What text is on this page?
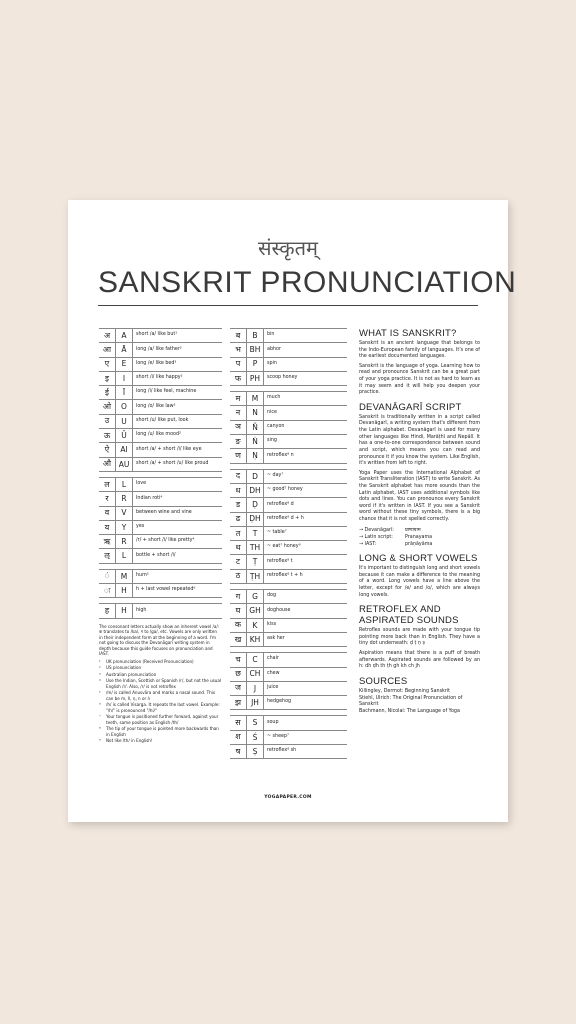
संस्कृतम्
SANSKRIT PRONUNCIATION
अ	A	short /a/ like but¹
आ	Ā	long /a/ like father²
ए	E	long /e/ like bed³
इ	I	short /i/ like happy²
ई	Ī	long /i/ like feel, machine
ओ	O	long /o/ like law³
उ	U	short /u/ like put, look
ऊ	Ū	long /u/ like mood²
ऐ	AI	short /a/ + short /i/ like eye
औ	AU	short /a/ + short /u/ like proud
ल	L	love
र	R	Indian roti⁴
व	V	between wine and vine
य	Y	yes
ऋ	R	/r/ + short /i/ like pretty⁴
ऌ	L	bottle + short /i/
ं	M	hum⁵
ः	H	h + last vowel repeated⁶
ह	H	high

The consonant letters actually show an inherent vowel /a/: क translates to /ka/, ग to /ga/, etc. Vowels are only written in their independent form at the beginning of a word. I'm not going to discuss the Devanāgarī writing system in depth because this guide focuses on pronunciation and IAST.

¹	UK pronunciation (Received Pronunciation)
²	US pronunciation
³	Australian pronunciation
⁴	Use the Indian, Scottish or Spanish /r/, but not the usual English /r/. Also, /r/ is not retroflex
⁵	/m/ is called Anusvāra and marks a nasal sound. This can be m, ñ, ṇ, n or ṅ
⁶	/h/ is called Visarga. It repeats the last vowel. Example: "/h/" is pronounced "/hi/"
⁷	Your tongue is positioned further forward, against your teeth, same position as English /th/
⁸	The tip of your tongue is pointed more backwards than in English
⁹	Not like /th/ in English!
ब	B	bin
भ	BH	abhor
प	P	spin
फ	PH	scoop honey
म	M	much
न	N	nice
ञ	Ñ	canyon
ङ	Ṅ	sing
ण	Ṇ	retroflex⁸ n
द	D	~ day⁷
ध	DH	~ good⁷ honey
ड	Ḍ	retroflex⁸ d
ढ	ḌH	retroflex⁸ d + h
त	T	~ table⁷
थ	TH	~ eat⁷ honey⁹
ट	Ṭ	retroflex⁸ t
ठ	ṬH	retroflex⁸ t + h
ग	G	dog
घ	GH	doghouse
क	K	kiss
ख	KH	ask her
च	C	chair
छ	CH	chew
ज	J	juice
झ	JH	hedgehog
स	S	soup
श	Ś	~ sheep⁷
ष	Ṣ	retroflex⁸ sh
WHAT IS SANSKRIT?

Sanskrit is an ancient language that belongs to the Indo-European family of languages. It's one of the earliest documented languages.

Sanskrit is the language of yoga. Learning how to read and pronounce Sanskrit can be a great part of your yoga practice. It is not as hard to learn as it may seem and it will help you deepen your practice.

DEVANĀGARĪ SCRIPT

Sanskrit is traditionally written in a script called Devanāgarī, a writing system that's different from the Latin alphabet. Devanāgarī is used for many other languages like Hindi, Marāṭhī and Nepālī. It has a one-to-one correspondence between sound and script, which means you can read and pronounce it if you know the system. Like English, it's written from left to right.

Yoga Paper uses the International Alphabet of Sanskrit Transliteration (IAST) to write Sanskrit. As the Sanskrit alphabet has more sounds than the Latin alphabet, IAST uses additional symbols like dots and lines. You can pronounce every Sanskrit word if it's written in IAST. If you see a Sanskrit word without these tiny symbols, there is a big chance that it is not spelled correctly.

→ Devanāgarī:	प्राणायाम
→ Latin script:	Pranayama
→ IAST:	prāṇāyāma
LONG & SHORT VOWELS

It's important to distinguish long and short vowels because it can make a difference to the meaning of a word. Long vowels have a line above the letter, except for /e/ and /o/, which are always long vowels.

RETROFLEX AND ASPIRATED SOUNDS

Retroflex sounds are made with your tongue tip pointing more back than in English. They have a tiny dot underneath: ḍ ṭ ṇ ṣ

Aspiration means that there is a puff of breath afterwards. Aspirated sounds are followed by an h: dh ḍh th ṭh gh kh ch jh

SOURCES
Killingley, Dermot: Beginning Sanskrit
Stiehl, Ulrich: The Original Pronunciation of Sanskrit
Bachmann, Nicolai: The Language of Yoga
YOGAPAPER.COM
